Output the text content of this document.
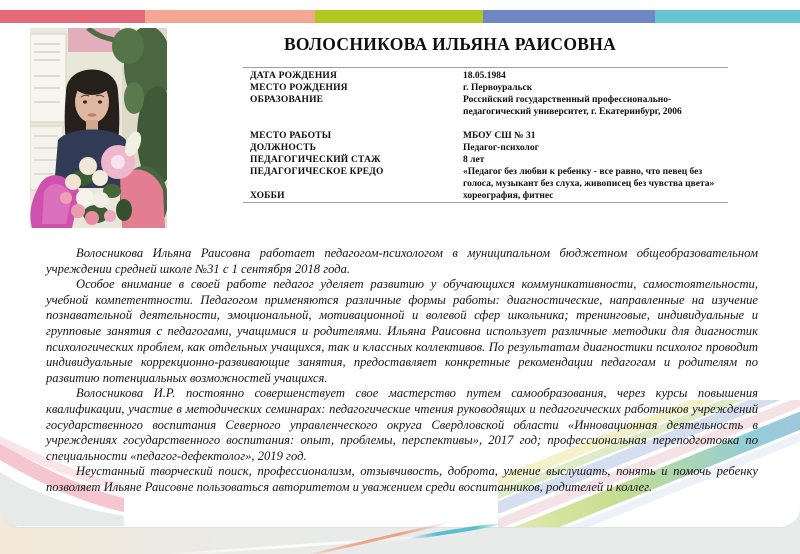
ВОЛОСНИКОВА ИЛЬЯНА РАИСОВНА
ДАТА РОЖДЕНИЯ	18.05.1984
МЕСТО РОЖДЕНИЯ	г. Первоуральск
ОБРАЗОВАНИЕ	Российский государственный профессионально-педагогический университет, г. Екатеринбург, 2006
МЕСТО РАБОТЫ	МБОУ СШ № 31
ДОЛЖНОСТЬ	Педагог-психолог
ПЕДАГОГИЧЕСКИЙ СТАЖ	8 лет
ПЕДАГОГИЧЕСКОЕ КРЕДО	«Педагог без любви к ребенку - все равно, что певец без голоса, музыкант без слуха, живописец без чувства цвета»
ХОББИ	хореография, фитнес

Волосникова Ильяна Раисовна работает педагогом-психологом в муниципальном бюджетном общеобразовательном учреждении средней школе №31 с 1 сентября 2018 года.

Особое внимание в своей работе педагог уделяет развитию у обучающихся коммуникативности, самостоятельности, учебной компетентности. Педагогом применяются различные формы работы: диагностические, направленные на изучение познавательной деятельности, эмоциональной, мотивационной и волевой сфер школьника; тренинговые, индивидуальные и групповые занятия с педагогами, учащимися и родителями. Ильяна Раисовна использует различные методики для диагностик психологических проблем, как отдельных учащихся, так и классных коллективов. По результатам диагностики психолог проводит индивидуальные коррекционно-развивающие занятия, предоставляет конкретные рекомендации педагогам и родителям по развитию потенциальных возможностей учащихся.

Волосникова И.Р. постоянно совершенствует свое мастерство путем самообразования, через курсы повышения квалификации, участие в методических семинарах: педагогические чтения руководящих и педагогических работников учреждений государственного воспитания Северного управленческого округа Свердловской области «Инновационная деятельность в учреждениях государственного воспитания: опыт, проблемы, перспективы», 2017 год; профессиональная переподготовка по специальности «педагог-дефектолог», 2019 год.

Неустанный творческий поиск, профессионализм, отзывчивость, доброта, умение выслушать, понять и помочь ребенку позволяет Ильяне Раисовне пользоваться авторитетом и уважением среди воспитанников, родителей и коллег.
